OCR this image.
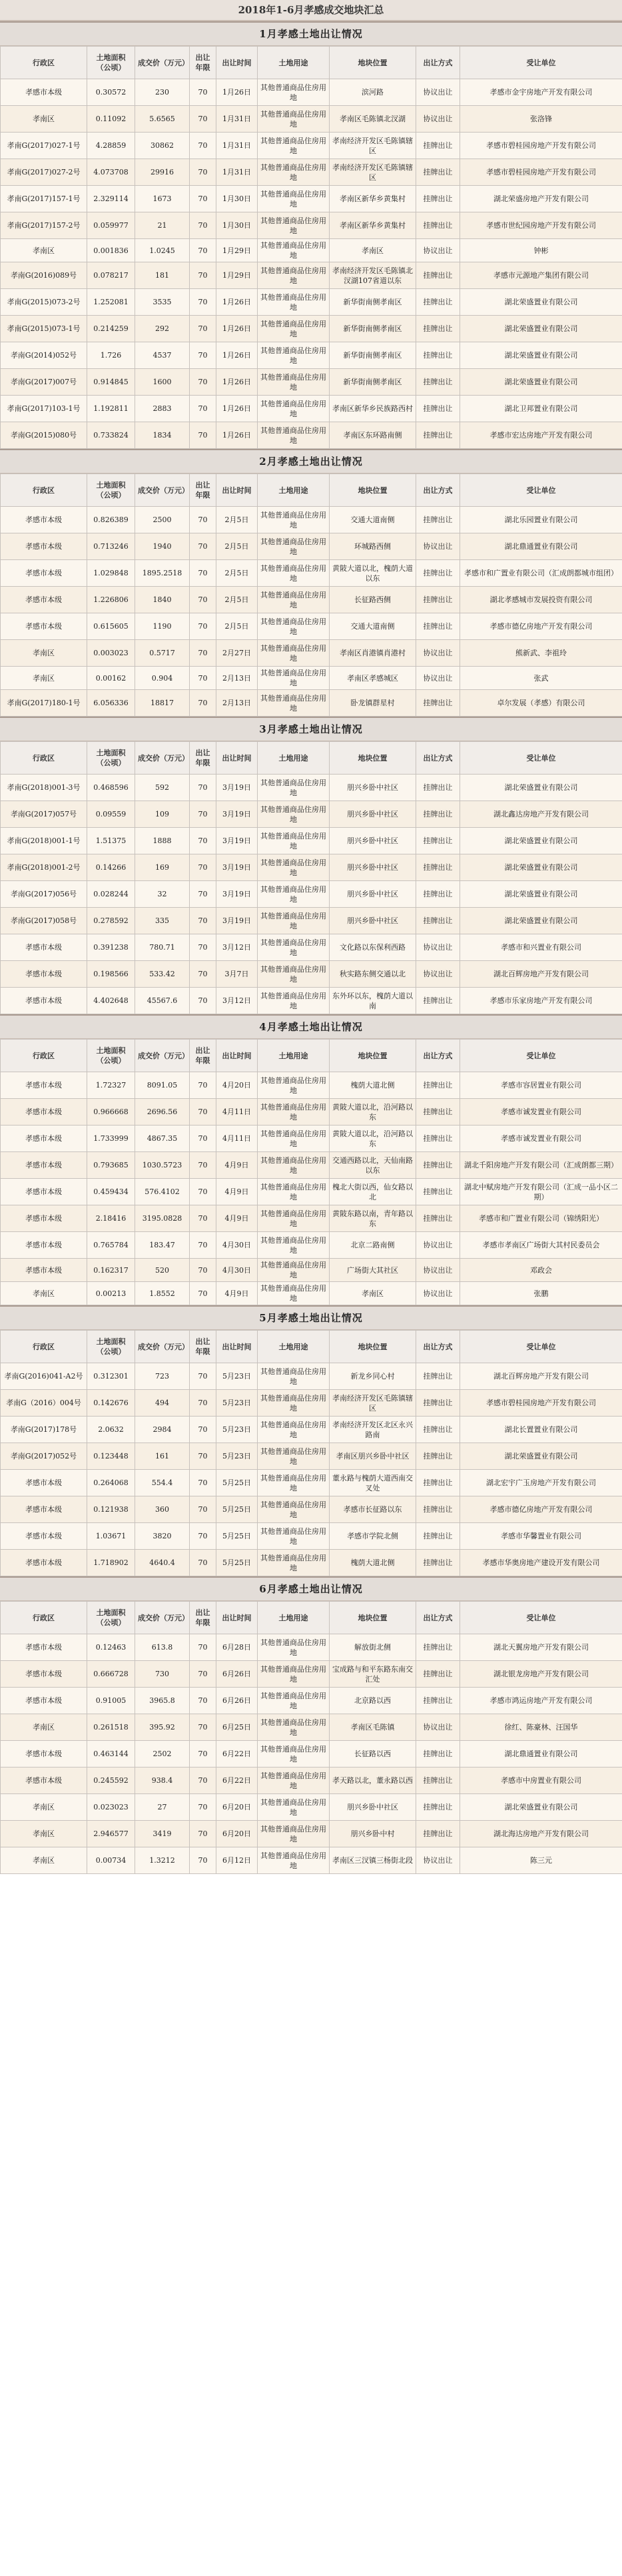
2018年1-6月孝感成交地块汇总
1月孝感土地出让情况
行政区	土地面积（公顷）	成交价（万元）	出让年限	出让时间	土地用途	地块位置	出让方式	受让单位
孝感市本级	0.30572	230	70	1月26日	其他普通商品住房用地	滨河路	协议出让	孝感市金宇房地产开发有限公司
孝南区	0.11092	5.6565	70	1月31日	其他普通商品住房用地	孝南区毛陈镇北汊湖	协议出让	张洛锋
孝南G(2017)027-1号	4.28859	30862	70	1月31日	其他普通商品住房用地	孝南经济开发区毛陈镇辖区	挂牌出让	孝感市碧桂园房地产开发有限公司
孝南G(2017)027-2号	4.073708	29916	70	1月31日	其他普通商品住房用地	孝南经济开发区毛陈镇辖区	挂牌出让	孝感市碧桂园房地产开发有限公司
孝南G(2017)157-1号	2.329114	1673	70	1月30日	其他普通商品住房用地	孝南区新华乡黄集村	挂牌出让	湖北荣盛房地产开发有限公司
孝南G(2017)157-2号	0.059977	21	70	1月30日	其他普通商品住房用地	孝南区新华乡黄集村	挂牌出让	孝感市世纪园房地产开发有限公司
孝南区	0.001836	1.0245	70	1月29日	其他普通商品住房用地	孝南区	协议出让	钟彬
孝南G(2016)089号	0.078217	181	70	1月29日	其他普通商品住房用地	孝南经济开发区毛陈镇北汊湖107省道以东	挂牌出让	孝感市元源地产集团有限公司
孝南G(2015)073-2号	1.252081	3535	70	1月26日	其他普通商品住房用地	新华街南侧孝南区	挂牌出让	湖北荣盛置业有限公司
孝南G(2015)073-1号	0.214259	292	70	1月26日	其他普通商品住房用地	新华街南侧孝南区	挂牌出让	湖北荣盛置业有限公司
孝南G(2014)052号	1.726	4537	70	1月26日	其他普通商品住房用地	新华街南侧孝南区	挂牌出让	湖北荣盛置业有限公司
孝南G(2017)007号	0.914845	1600	70	1月26日	其他普通商品住房用地	新华街南侧孝南区	挂牌出让	湖北荣盛置业有限公司
孝南G(2017)103-1号	1.192811	2883	70	1月26日	其他普通商品住房用地	孝南区新华乡民族路西村	挂牌出让	湖北卫邦置业有限公司
孝南G(2015)080号	0.733824	1834	70	1月26日	其他普通商品住房用地	孝南区东环路南侧	挂牌出让	孝感市宏达房地产开发有限公司
2月孝感土地出让情况
行政区	土地面积（公顷）	成交价（万元）	出让年限	出让时间	土地用途	地块位置	出让方式	受让单位
孝感市本级	0.826389	2500	70	2月5日	其他普通商品住房用地	交通大道南侧	挂牌出让	湖北乐园置业有限公司
孝感市本级	0.713246	1940	70	2月5日	其他普通商品住房用地	环城路西侧	协议出让	湖北鼎通置业有限公司
孝感市本级	1.029848	1895.2518	70	2月5日	其他普通商品住房用地	黄陂大道以北，槐荫大道以东	挂牌出让	孝感市和广置业有限公司（汇成朗都城市组团）
孝感市本级	1.226806	1840	70	2月5日	其他普通商品住房用地	长征路西侧	挂牌出让	湖北孝感城市发展投资有限公司
孝感市本级	0.615605	1190	70	2月5日	其他普通商品住房用地	交通大道南侧	挂牌出让	孝感市德亿房地产开发有限公司
孝南区	0.003023	0.5717	70	2月27日	其他普通商品住房用地	孝南区肖港镇肖港村	协议出让	熊新武、李祖玲
孝南区	0.00162	0.904	70	2月13日	其他普通商品住房用地	孝南区孝感城区	协议出让	张武
孝南G(2017)180-1号	6.056336	18817	70	2月13日	其他普通商品住房用地	卧龙镇群星村	挂牌出让	卓尔发展（孝感）有限公司
3月孝感土地出让情况
行政区	土地面积（公顷）	成交价（万元）	出让年限	出让时间	土地用途	地块位置	出让方式	受让单位
孝南G(2018)001-3号	0.468596	592	70	3月19日	其他普通商品住房用地	朋兴乡卧中社区	挂牌出让	湖北荣盛置业有限公司
孝南G(2017)057号	0.09559	109	70	3月19日	其他普通商品住房用地	朋兴乡卧中社区	挂牌出让	湖北鑫达房地产开发有限公司
孝南G(2018)001-1号	1.51375	1888	70	3月19日	其他普通商品住房用地	朋兴乡卧中社区	挂牌出让	湖北荣盛置业有限公司
孝南G(2018)001-2号	0.14266	169	70	3月19日	其他普通商品住房用地	朋兴乡卧中社区	挂牌出让	湖北荣盛置业有限公司
孝南G(2017)056号	0.028244	32	70	3月19日	其他普通商品住房用地	朋兴乡卧中社区	挂牌出让	湖北荣盛置业有限公司
孝南G(2017)058号	0.278592	335	70	3月19日	其他普通商品住房用地	朋兴乡卧中社区	挂牌出让	湖北荣盛置业有限公司
孝感市本级	0.391238	780.71	70	3月12日	其他普通商品住房用地	文化路以东保利西路	协议出让	孝感市和兴置业有限公司
孝感市本级	0.198566	533.42	70	3月7日	其他普通商品住房用地	秋实路东侧交通以北	协议出让	湖北百辉房地产开发有限公司
孝感市本级	4.402648	45567.6	70	3月12日	其他普通商品住房用地	东外环以东，槐荫大道以南	挂牌出让	孝感市乐家房地产开发有限公司
4月孝感土地出让情况
行政区	土地面积（公顷）	成交价（万元）	出让年限	出让时间	土地用途	地块位置	出让方式	受让单位
孝感市本级	1.72327	8091.05	70	4月20日	其他普通商品住房用地	槐荫大道北侧	挂牌出让	孝感市容居置业有限公司
孝感市本级	0.966668	2696.56	70	4月11日	其他普通商品住房用地	黄陂大道以北，沿河路以东	挂牌出让	孝感市诚发置业有限公司
孝感市本级	1.733999	4867.35	70	4月11日	其他普通商品住房用地	黄陂大道以北，沿河路以东	挂牌出让	孝感市诚发置业有限公司
孝感市本级	0.793685	1030.5723	70	4月9日	其他普通商品住房用地	交通西路以北，天仙南路以东	挂牌出让	湖北千阳房地产开发有限公司（汇成朗都三期）
孝感市本级	0.459434	576.4102	70	4月9日	其他普通商品住房用地	槐北大街以西，仙女路以北	挂牌出让	湖北中赋房地产开发有限公司（汇成一品小区二期）
孝感市本级	2.18416	3195.0828	70	4月9日	其他普通商品住房用地	黄陂东路以南，青年路以东	挂牌出让	孝感市和广置业有限公司（锦绣阳光）
孝感市本级	0.765784	183.47	70	4月30日	其他普通商品住房用地	北京二路南侧	协议出让	孝感市孝南区广场街大其村民委员会
孝感市本级	0.162317	520	70	4月30日	其他普通商品住房用地	广场街大其社区	协议出让	邓政会
孝南区	0.00213	1.8552	70	4月9日	其他普通商品住房用地	孝南区	协议出让	张鹏
5月孝感土地出让情况
行政区	土地面积（公顷）	成交价（万元）	出让年限	出让时间	土地用途	地块位置	出让方式	受让单位
孝南G(2016)041-A2号	0.312301	723	70	5月23日	其他普通商品住房用地	新龙乡同心村	挂牌出让	湖北百辉房地产开发有限公司
孝南G（2016）004号	0.142676	494	70	5月23日	其他普通商品住房用地	孝南经济开发区毛陈镇辖区	挂牌出让	孝感市碧桂园房地产开发有限公司
孝南G(2017)178号	2.0632	2984	70	5月23日	其他普通商品住房用地	孝南经济开发区北区永兴路南	挂牌出让	湖北长置置业有限公司
孝南G(2017)052号	0.123448	161	70	5月23日	其他普通商品住房用地	孝南区朋兴乡卧中社区	挂牌出让	湖北荣盛置业有限公司
孝感市本级	0.264068	554.4	70	5月25日	其他普通商品住房用地	董永路与槐荫大道西南交叉处	挂牌出让	湖北宏宇广玉房地产开发有限公司
孝感市本级	0.121938	360	70	5月25日	其他普通商品住房用地	孝感市长征路以东	挂牌出让	孝感市德亿房地产开发有限公司
孝感市本级	1.03671	3820	70	5月25日	其他普通商品住房用地	孝感市学院北侧	挂牌出让	孝感市华馨置业有限公司
孝感市本级	1.718902	4640.4	70	5月25日	其他普通商品住房用地	槐荫大道北侧	挂牌出让	孝感市华奥房地产建设开发有限公司
6月孝感土地出让情况
行政区	土地面积（公顷）	成交价（万元）	出让年限	出让时间	土地用途	地块位置	出让方式	受让单位
孝感市本级	0.12463	613.8	70	6月28日	其他普通商品住房用地	解放街北侧	挂牌出让	湖北天翼房地产开发有限公司
孝感市本级	0.666728	730	70	6月26日	其他普通商品住房用地	宝成路与和平东路东南交汇处	挂牌出让	湖北银龙房地产开发有限公司
孝感市本级	0.91005	3965.8	70	6月26日	其他普通商品住房用地	北京路以西	挂牌出让	孝感市鸿运房地产开发有限公司
孝南区	0.261518	395.92	70	6月25日	其他普通商品住房用地	孝南区毛陈镇	协议出让	徐红、陈豪林、汪国华
孝感市本级	0.463144	2502	70	6月22日	其他普通商品住房用地	长征路以西	挂牌出让	湖北鼎通置业有限公司
孝感市本级	0.245592	938.4	70	6月22日	其他普通商品住房用地	孝天路以北，董永路以西	挂牌出让	孝感市中房置业有限公司
孝南区	0.023023	27	70	6月20日	其他普通商品住房用地	朋兴乡卧中社区	挂牌出让	湖北荣盛置业有限公司
孝南区	2.946577	3419	70	6月20日	其他普通商品住房用地	朋兴乡卧中村	挂牌出让	湖北海达房地产开发有限公司
孝南区	0.00734	1.3212	70	6月12日	其他普通商品住房用地	孝南区三汊镇三杨街北段	协议出让	陈三元
